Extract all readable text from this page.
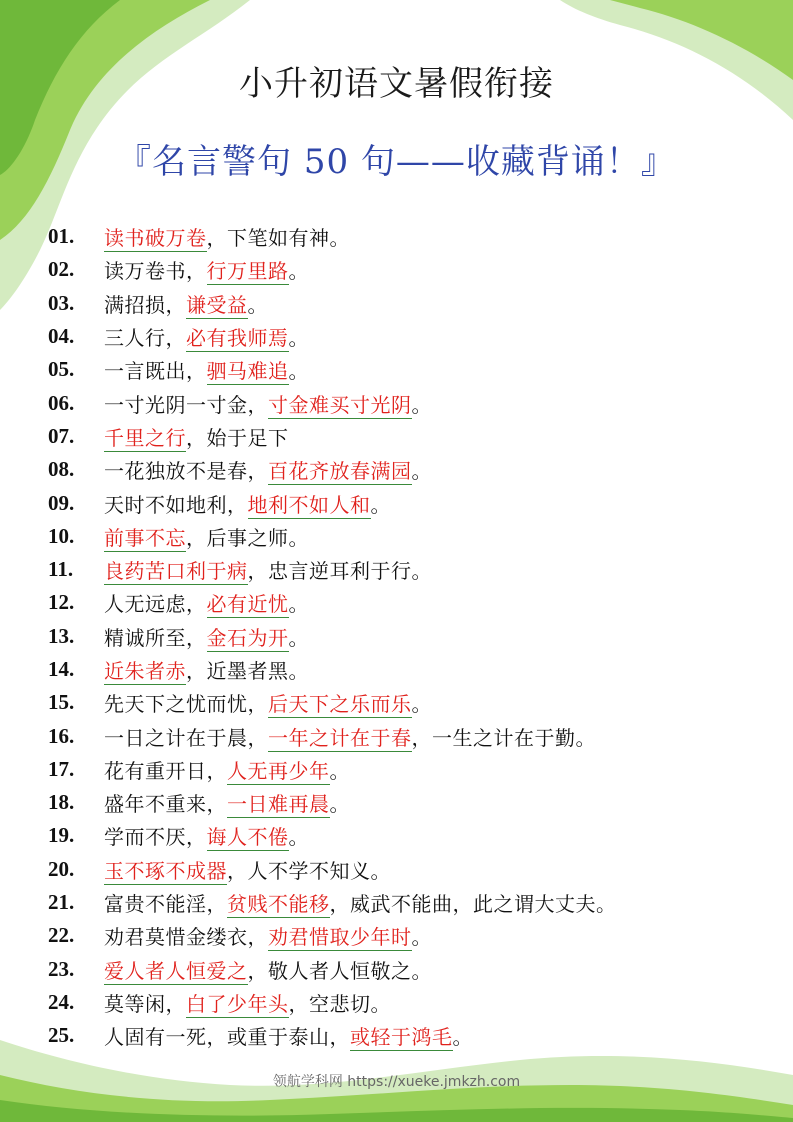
小升初语文暑假衔接
『名言警句 50 句——收藏背诵！』
01.	读书破万卷，下笔如有神。
02.	读万卷书，行万里路。
03.	满招损，谦受益。
04.	三人行，必有我师焉。
05.	一言既出，驷马难追。
06.	一寸光阴一寸金，寸金难买寸光阴。
07.	千里之行，始于足下
08.	一花独放不是春，百花齐放春满园。
09.	天时不如地利，地利不如人和。
10.	前事不忘，后事之师。
11.	良药苦口利于病，忠言逆耳利于行。
12.	人无远虑，必有近忧。
13.	精诚所至，金石为开。
14.	近朱者赤，近墨者黑。
15.	先天下之忧而忧，后天下之乐而乐。
16.	一日之计在于晨，一年之计在于春，一生之计在于勤。
17.	花有重开日，人无再少年。
18.	盛年不重来，一日难再晨。
19.	学而不厌，诲人不倦。
20.	玉不琢不成器，人不学不知义。
21.	富贵不能淫，贫贱不能移，威武不能曲，此之谓大丈夫。
22.	劝君莫惜金缕衣，劝君惜取少年时。
23.	爱人者人恒爱之，敬人者人恒敬之。
24.	莫等闲，白了少年头，空悲切。
25.	人固有一死，或重于泰山，或轻于鸿毛。
领航学科网 https://xueke.jmkzh.com
